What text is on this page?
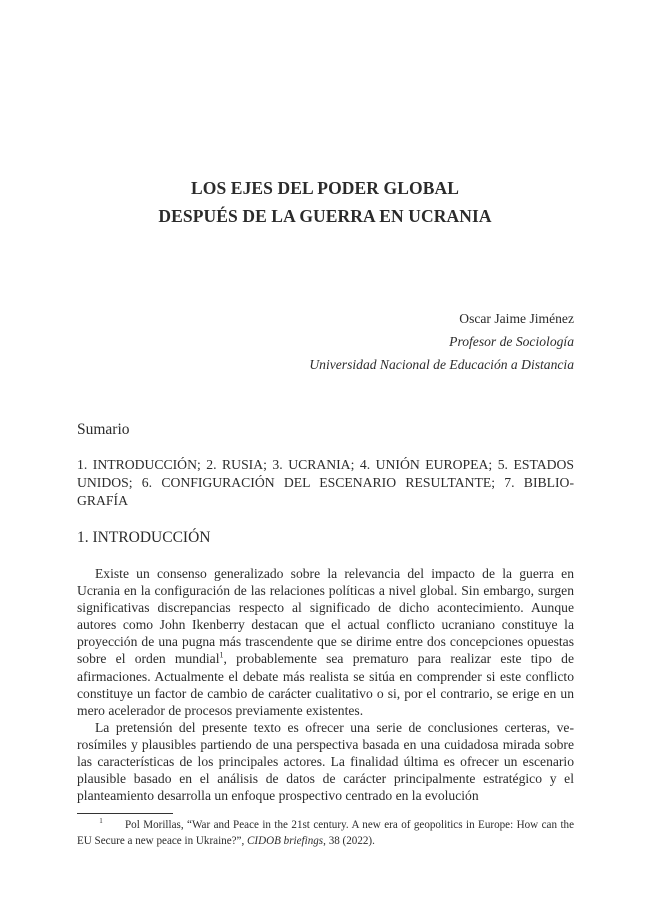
LOS EJES DEL PODER GLOBAL
DESPUÉS DE LA GUERRA EN UCRANIA
Oscar Jaime Jiménez
Profesor de Sociología
Universidad Nacional de Educación a Distancia
Sumario
1. INTRODUCCIÓN; 2. RUSIA; 3. UCRANIA; 4. UNIÓN EUROPEA; 5. ESTADOS UNIDOS; 6. CONFIGURACIÓN DEL ESCENARIO RESULTANTE; 7. BIBLIOGRAFÍA
1. INTRODUCCIÓN

Existe un consenso generalizado sobre la relevancia del impacto de la guerra en Ucrania en la configuración de las relaciones políticas a nivel global. Sin embargo, surgen significativas discrepancias respecto al significado de dicho acontecimiento. Aunque autores como John Ikenberry destacan que el actual conflicto ucraniano constituye la proyección de una pugna más trascendente que se dirime entre dos concepciones opuestas sobre el orden mundial$^1$, probablemente sea prematuro para realizar este tipo de afirmaciones. Actualmente el debate más realista se sitúa en comprender si este conflicto constituye un factor de cambio de carácter cualitativo o si, por el contrario, se erige en un mero acelerador de procesos previamente existentes.

La pretensión del presente texto es ofrecer una serie de conclusiones certeras, verosímiles y plausibles partiendo de una perspectiva basada en una cuidadosa mirada sobre las características de los principales actores. La finalidad última es ofrecer un escenario plausible basado en el análisis de datos de carácter principalmente estratégico y el planteamiento desarrolla un enfoque prospectivo centrado en la evolución

1 Pol Morillas, “War and Peace in the 21st century. A new era of geopolitics in Europe: How can the EU Secure a new peace in Ukraine?”, CIDOB briefings, 38 (2022).
